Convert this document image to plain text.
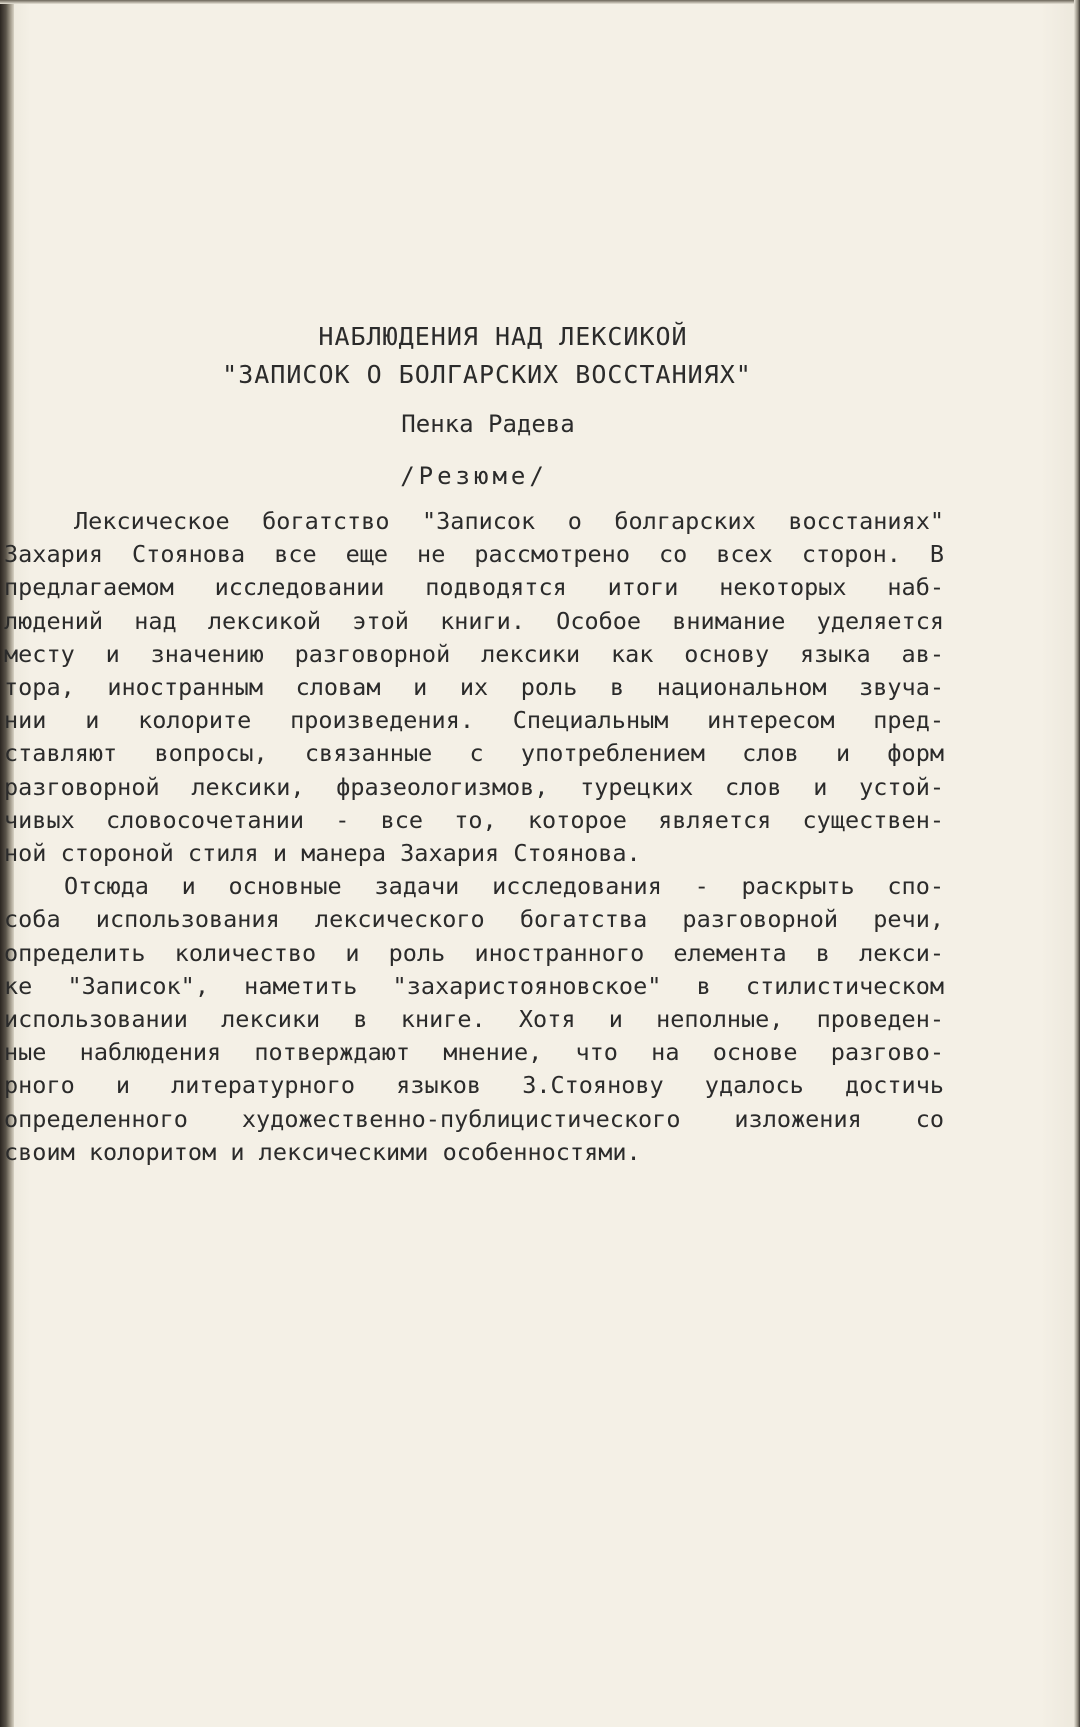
НАБЛЮДЕНИЯ НАД ЛЕКСИКОЙ
"ЗАПИСОК О БОЛГАРСКИХ ВОССТАНИЯХ"
Пенка Радева
/Резюме/
Лексическое богатство "Записок о болгарских восстаниях"
Захария Стоянова все еще не рассмотрено со всех сторон. В
предлагаемом исследовании подводятся итоги некоторых наб-
людений над лексикой этой книги. Особое внимание уделяется
месту и значению разговорной лексики как основу языка ав-
тора, иностранным словам и их роль в национальном звуча-
нии и колорите произведения. Специальным интересом пред-
ставляют вопросы, связанные с употреблением слов и форм
разговорной лексики, фразеологизмов, турецких слов и устой-
чивых словосочетании - все то, которое является существен-
ной стороной стиля и манера Захария Стоянова.
Отсюда и основные задачи исследования - раскрыть спо-
соба использования лексического богатства разговорной речи,
определить количество и роль иностранного елемента в лекси-
ке "Записок", наметить "захаристояновское" в стилистическом
использовании лексики в книге. Хотя и неполные, проведен-
ные наблюдения потверждают мнение, что на основе разгово-
рного и литературного языков З.Стоянову удалось достичь
определенного художественно-публицистического изложения со
своим колоритом и лексическими особенностями.
